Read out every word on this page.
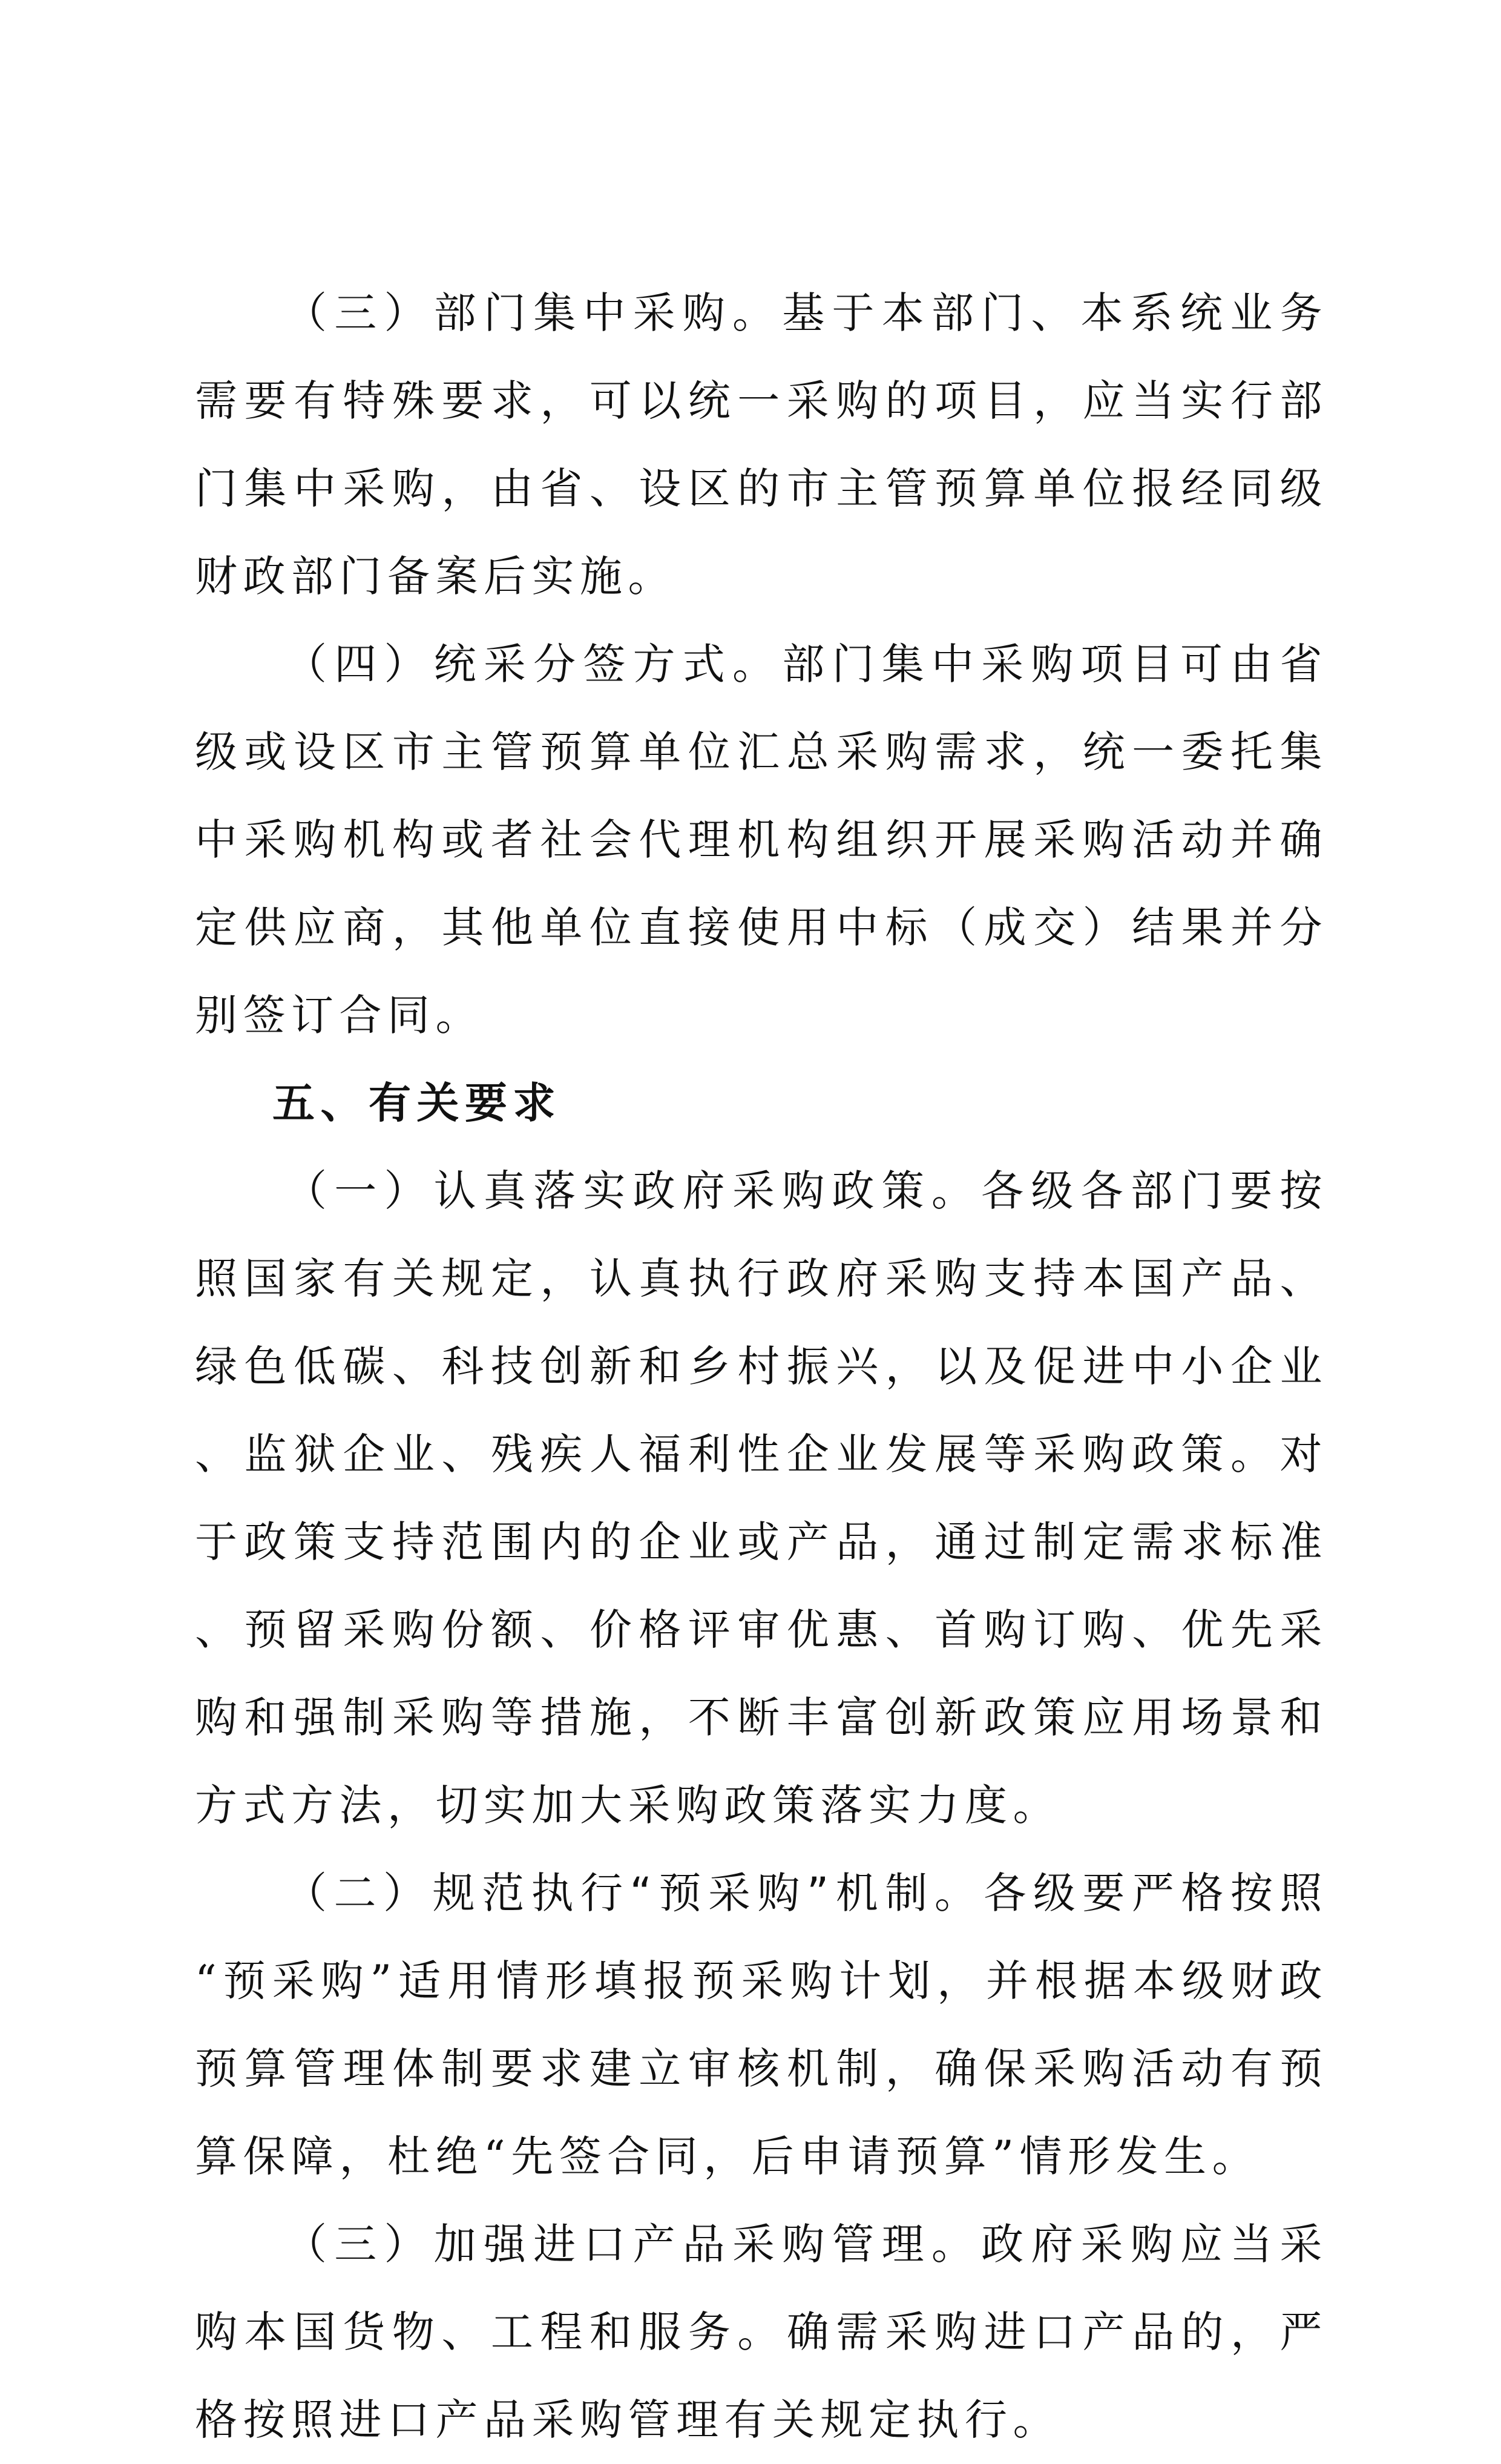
（三）部门集中采购。基于本部门、本系统业务需要有特殊要求，可以统一采购的项目，应当实行部门集中采购，由省、设区的市主管预算单位报经同级财政部门备案后实施。

（四）统采分签方式。部门集中采购项目可由省级或设区市主管预算单位汇总采购需求，统一委托集中采购机构或者社会代理机构组织开展采购活动并确定供应商，其他单位直接使用中标（成交）结果并分别签订合同。

五、有关要求

（一）认真落实政府采购政策。各级各部门要按照国家有关规定，认真执行政府采购支持本国产品、绿色低碳、科技创新和乡村振兴，以及促进中小企业、监狱企业、残疾人福利性企业发展等采购政策。对于政策支持范围内的企业或产品，通过制定需求标准、预留采购份额、价格评审优惠、首购订购、优先采购和强制采购等措施，不断丰富创新政策应用场景和方式方法，切实加大采购政策落实力度。

（二）规范执行“预采购”机制。各级要严格按照“预采购”适用情形填报预采购计划，并根据本级财政预算管理体制要求建立审核机制，确保采购活动有预算保障，杜绝“先签合同，后申请预算”情形发生。

（三）加强进口产品采购管理。政府采购应当采购本国货物、工程和服务。确需采购进口产品的，严格按照进口产品采购管理有关规定执行。
